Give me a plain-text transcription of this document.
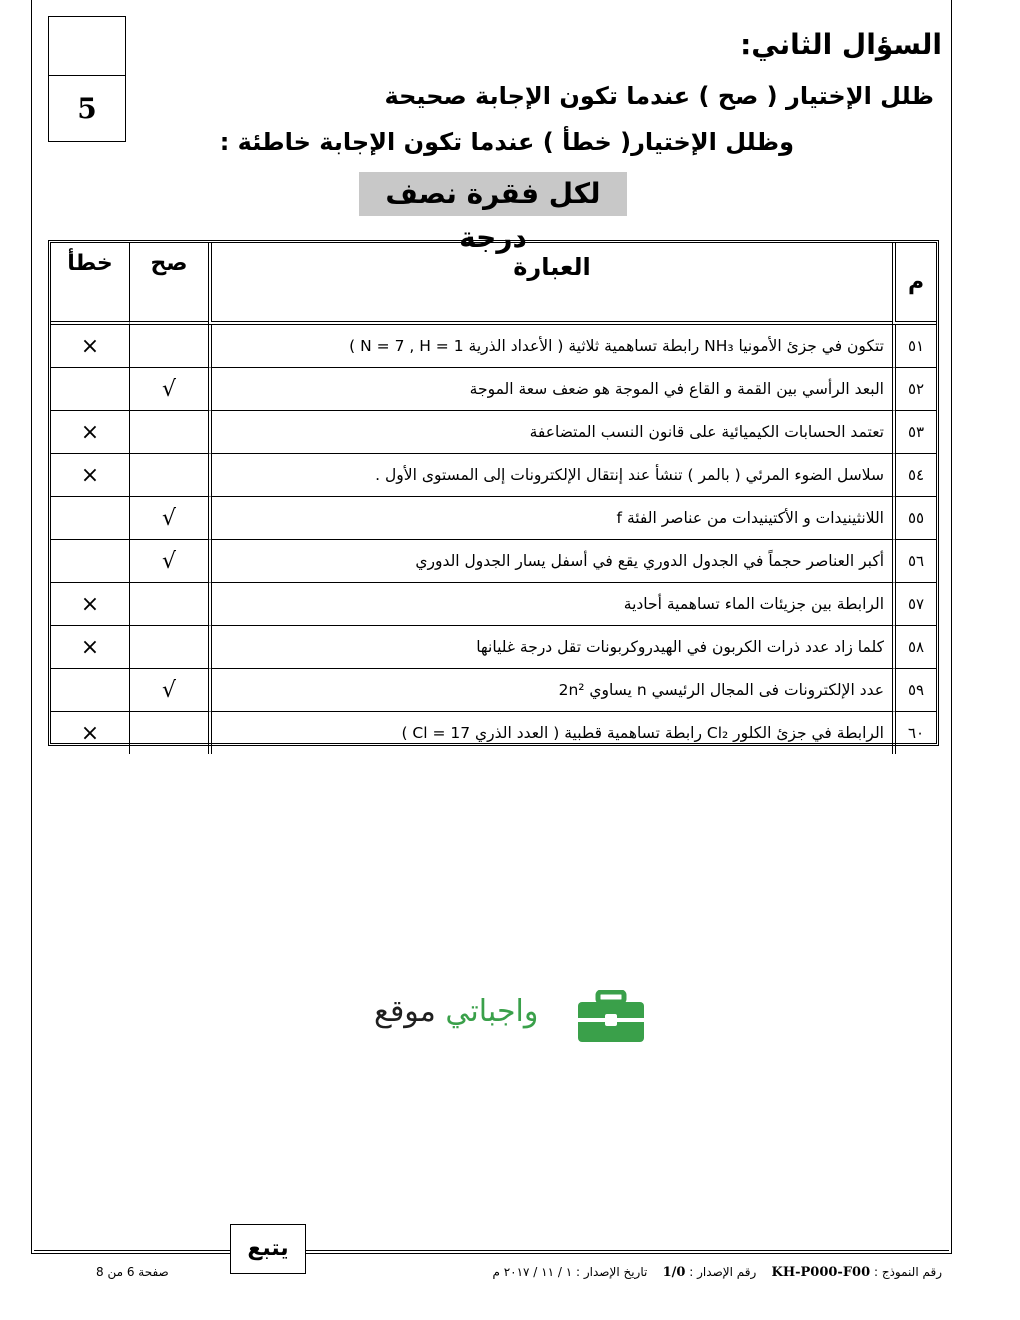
5
السؤال الثاني:
ظلل الإختيار ( صح ) عندما تكون الإجابة صحيحة
وظلل الإختيار( خطأ ) عندما تكون الإجابة خاطئة :
لكل فقرة نصف درجة
م	العبارة	صح	خطأ
٥١	تتكون في جزئ الأمونيا NH₃ رابطة تساهمية ثلاثية ( الأعداد الذرية N = 7 , H = 1 )		×
٥٢	البعد الرأسي بين القمة و القاع في الموجة هو ضعف سعة الموجة	√	
٥٣	تعتمد الحسابات الكيميائية على قانون النسب المتضاعفة		×
٥٤	سلاسل الضوء المرئي ( بالمر ) تنشأ عند إنتقال الإلكترونات إلى المستوى الأول .		×
٥٥	اللانثينيدات و الأكتينيدات من عناصر الفئة f	√	
٥٦	أكبر العناصر حجماً في الجدول الدوري يقع في أسفل يسار الجدول الدوري	√	
٥٧	الرابطة بين جزيئات الماء تساهمية أحادية		×
٥٨	كلما زاد عدد ذرات الكربون في الهيدروكربونات تقل درجة غليانها		×
٥٩	عدد الإلكترونات فى المجال الرئيسي n يساوي 2n²	√	
٦٠	الرابطة في جزئ الكلور Cl₂ رابطة تساهمية قطبية ( العدد الذري Cl = 17 )		×
واجباتي موقع
يتبع
رقم النموذج : KH-P000-F00    رقم الإصدار : 1/0    تاريخ الإصدار : ١ / ١١ / ٢٠١٧ م
صفحة 6 من 8
